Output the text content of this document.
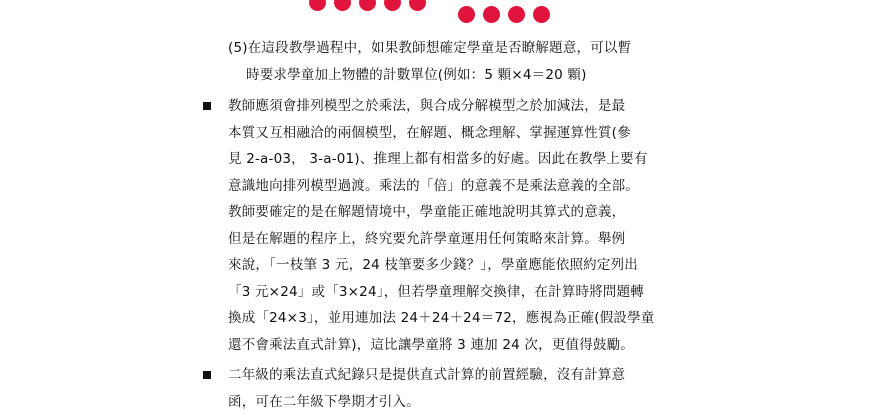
(5)在這段教學過程中，如果教師想確定學童是否瞭解題意，可以暫
時要求學童加上物體的計數單位(例如：5 顆×4＝20 顆)
教師應須會排列模型之於乘法，與合成分解模型之於加減法，是最
本質又互相融洽的兩個模型，在解題、概念理解、掌握運算性質(參
見 2-a-03， 3-a-01)、推理上都有相當多的好處。因此在教學上要有
意識地向排列模型過渡。乘法的「倍」的意義不是乘法意義的全部。
教師要確定的是在解題情境中，學童能正確地說明其算式的意義，
但是在解題的程序上，終究要允許學童運用任何策略來計算。舉例
來說，「一枝筆 3 元，24 枝筆要多少錢？」，學童應能依照約定列出
「3 元×24」或「3×24」，但若學童理解交換律，在計算時將問題轉
換成「24×3」，並用連加法 24＋24＋24＝72，應視為正確(假設學童
還不會乘法直式計算)，這比讓學童將 3 連加 24 次，更值得鼓勵。
二年級的乘法直式紀錄只是提供直式計算的前置經驗，沒有計算意
函，可在二年級下學期才引入。
